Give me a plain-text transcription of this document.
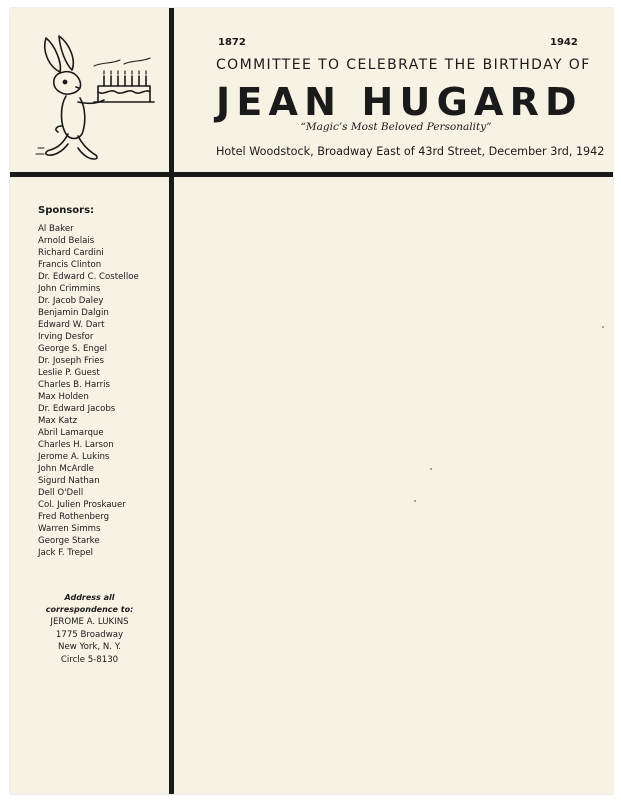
1872	1942
COMMITTEE TO CELEBRATE THE BIRTHDAY OF
JEAN HUGARD
“Magic’s Most Beloved Personality”
Hotel Woodstock, Broadway East of 43rd Street, December 3rd, 1942
Sponsors:
Al Baker
Arnold Belais
Richard Cardini
Francis Clinton
Dr. Edward C. Costelloe
John Crimmins
Dr. Jacob Daley
Benjamin Dalgin
Edward W. Dart
Irving Desfor
George S. Engel
Dr. Joseph Fries
Leslie P. Guest
Charles B. Harris
Max Holden
Dr. Edward Jacobs
Max Katz
Abril Lamarque
Charles H. Larson
Jerome A. Lukins
John McArdle
Sigurd Nathan
Dell O'Dell
Col. Julien Proskauer
Fred Rothenberg
Warren Simms
George Starke
Jack F. Trepel
Address all
correspondence to:
JEROME A. LUKINS
1775 Broadway
New York, N. Y.
Circle 5-8130
